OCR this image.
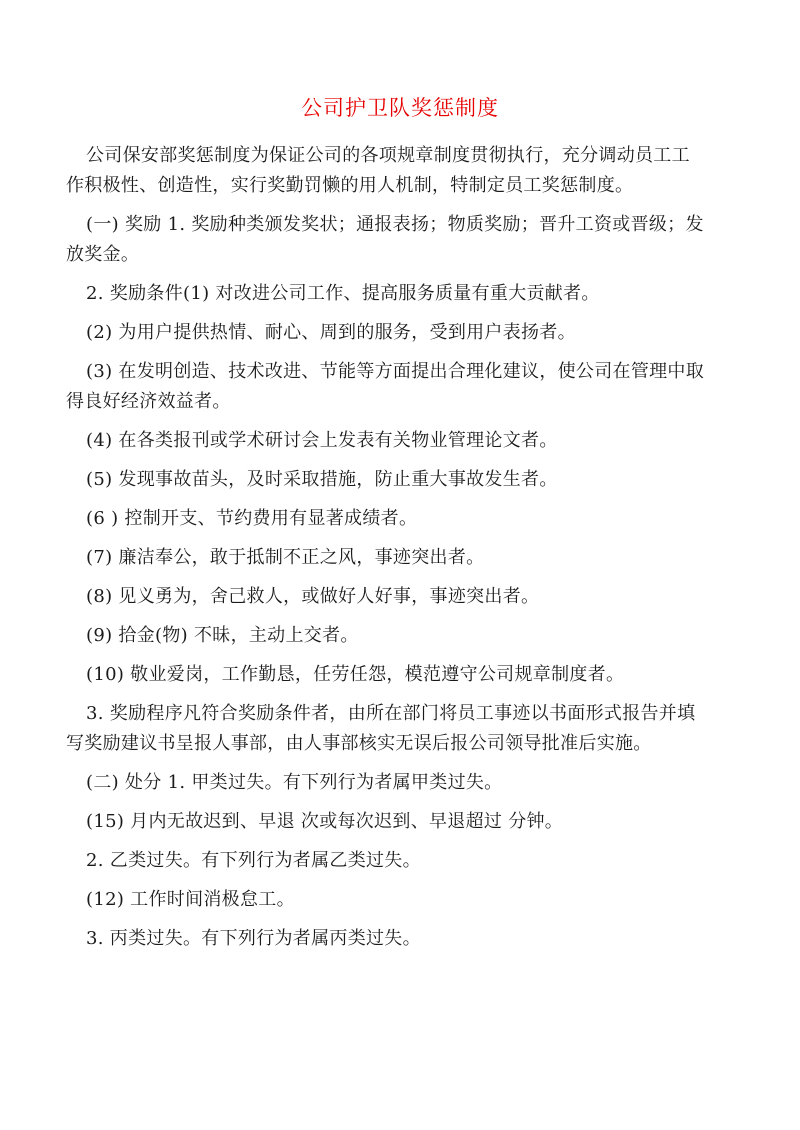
公司护卫队奖惩制度

公司保安部奖惩制度为保证公司的各项规章制度贯彻执行，充分调动员工工
作积极性、创造性，实行奖勤罚懒的用人机制，特制定员工奖惩制度。

(一) 奖励 1. 奖励种类颁发奖状；通报表扬；物质奖励；晋升工资或晋级；发
放奖金。

2. 奖励条件(1) 对改进公司工作、提高服务质量有重大贡献者。

(2) 为用户提供热情、耐心、周到的服务，受到用户表扬者。

(3) 在发明创造、技术改进、节能等方面提出合理化建议，使公司在管理中取
得良好经济效益者。

(4) 在各类报刊或学术研讨会上发表有关物业管理论文者。

(5) 发现事故苗头，及时采取措施，防止重大事故发生者。

(6 ) 控制开支、节约费用有显著成绩者。

(7) 廉洁奉公，敢于抵制不正之风，事迹突出者。

(8) 见义勇为，舍己救人，或做好人好事，事迹突出者。

(9) 拾金(物) 不昧，主动上交者。

(10) 敬业爱岗，工作勤恳，任劳任怨，模范遵守公司规章制度者。

3. 奖励程序凡符合奖励条件者，由所在部门将员工事迹以书面形式报告并填
写奖励建议书呈报人事部，由人事部核实无误后报公司领导批准后实施。

(二) 处分 1. 甲类过失。有下列行为者属甲类过失。

(15) 月内无故迟到、早退 次或每次迟到、早退超过 分钟。

2. 乙类过失。有下列行为者属乙类过失。

(12) 工作时间消极怠工。

3. 丙类过失。有下列行为者属丙类过失。
